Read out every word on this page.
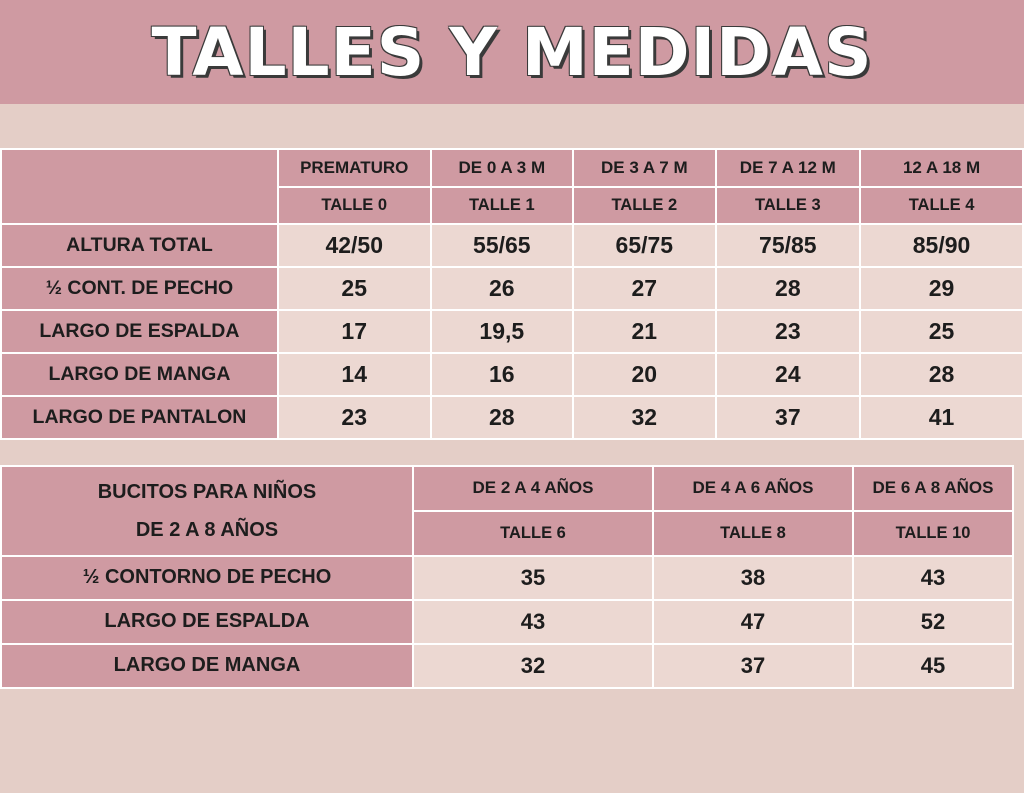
TALLES Y MEDIDAS
	PREMATURO	DE 0 A 3 M	DE 3 A 7 M	DE 7 A 12 M	12 A 18 M
	TALLE 0	TALLE 1	TALLE 2	TALLE 3	TALLE 4
ALTURA TOTAL	42/50	55/65	65/75	75/85	85/90
½ CONT. DE PECHO	25	26	27	28	29
LARGO DE ESPALDA	17	19,5	21	23	25
LARGO DE MANGA	14	16	20	24	28
LARGO DE PANTALON	23	28	32	37	41
BUCITOS PARA NIÑOS
DE 2 A 8 AÑOS	DE 2 A 4 AÑOS	DE 4 A 6 AÑOS	DE 6 A 8 AÑOS
	TALLE 6	TALLE 8	TALLE 10
½ CONTORNO DE PECHO	35	38	43
LARGO DE ESPALDA	43	47	52
LARGO DE MANGA	32	37	45
